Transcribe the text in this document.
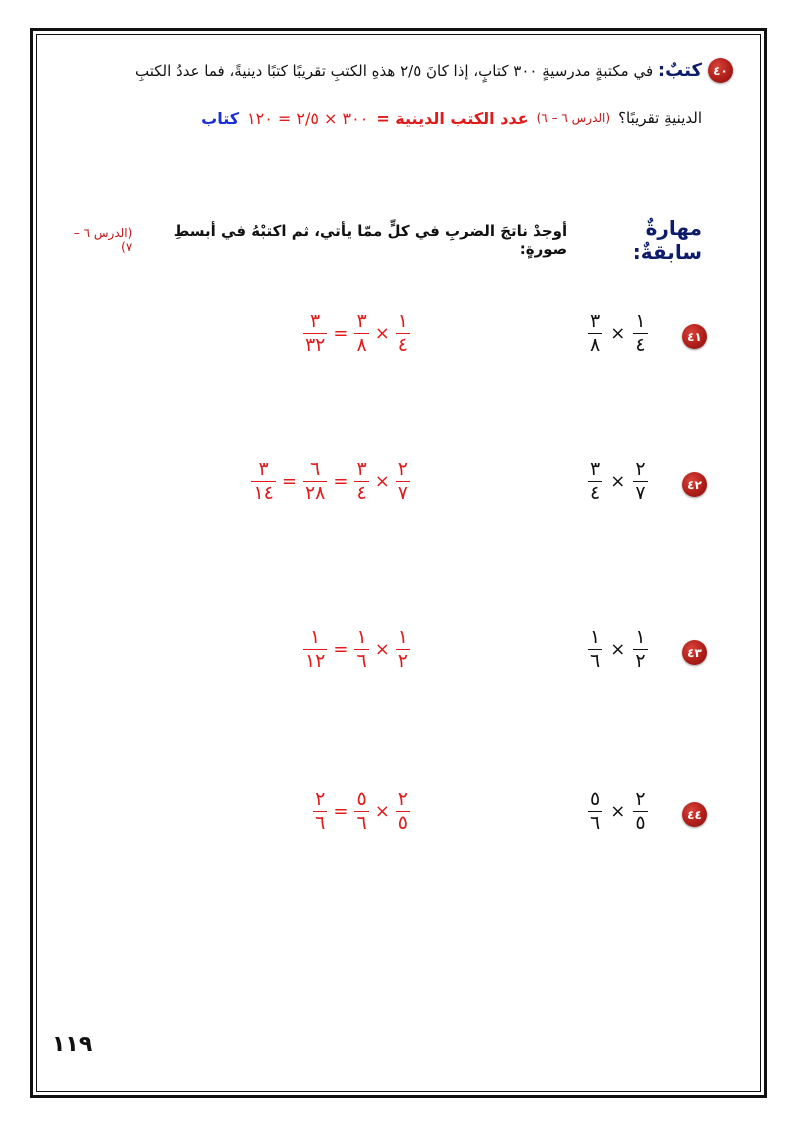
٤٠
كتبٌ: في مكتبةٍ مدرسيةٍ ٣٠٠ كتابٍ، إذا كانَ ٢/٥ هذهِ الكتبِ تقريبًا كتبًا دينيةً، فما عددُ الكتبِ
الدينيةِ تقريبًا؟
(الدرس ٦ – ٦)
عدد الكتب الدينية =
٣٠٠ × ٢/٥ = ١٢٠
كتاب
مهارةٌ سابقةٌ:
أوجدْ ناتجَ الضربِ في كلٍّ ممّا يأتي، ثم اكتبْهُ في أبسطِ صورةٍ:
(الدرس ٦ – ٧)
٤١
$\frac{٣}{٨} \times \frac{١}{٤}$
$\frac{٣}{٣٢} = \frac{٣}{٨} \times \frac{١}{٤}$
٤٢
$\frac{٣}{٤} \times \frac{٢}{٧}$
$\frac{٣}{١٤} = \frac{٦}{٢٨} = \frac{٣}{٤} \times \frac{٢}{٧}$
٤٣
$\frac{١}{٦} \times \frac{١}{٢}$
$\frac{١}{١٢} = \frac{١}{٦} \times \frac{١}{٢}$
٤٤
$\frac{٥}{٦} \times \frac{٢}{٥}$
$\frac{٢}{٦} = \frac{٥}{٦} \times \frac{٢}{٥}$
١١٩
